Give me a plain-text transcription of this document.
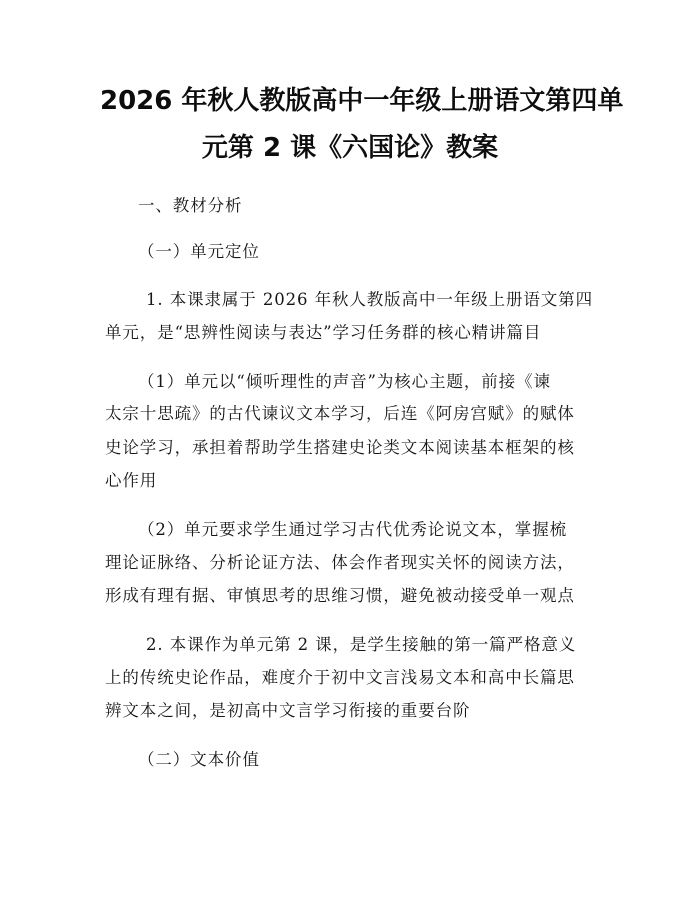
2026 年秋人教版高中一年级上册语文第四单
元第 2 课《六国论》教案
一、教材分析
（一）单元定位
1. 本课隶属于 2026 年秋人教版高中一年级上册语文第四
单元，是“思辨性阅读与表达”学习任务群的核心精讲篇目
（1）单元以“倾听理性的声音”为核心主题，前接《谏
太宗十思疏》的古代谏议文本学习，后连《阿房宫赋》的赋体
史论学习，承担着帮助学生搭建史论类文本阅读基本框架的核
心作用
（2）单元要求学生通过学习古代优秀论说文本，掌握梳
理论证脉络、分析论证方法、体会作者现实关怀的阅读方法，
形成有理有据、审慎思考的思维习惯，避免被动接受单一观点
2. 本课作为单元第 2 课，是学生接触的第一篇严格意义
上的传统史论作品，难度介于初中文言浅易文本和高中长篇思
辨文本之间，是初高中文言学习衔接的重要台阶
（二）文本价值
